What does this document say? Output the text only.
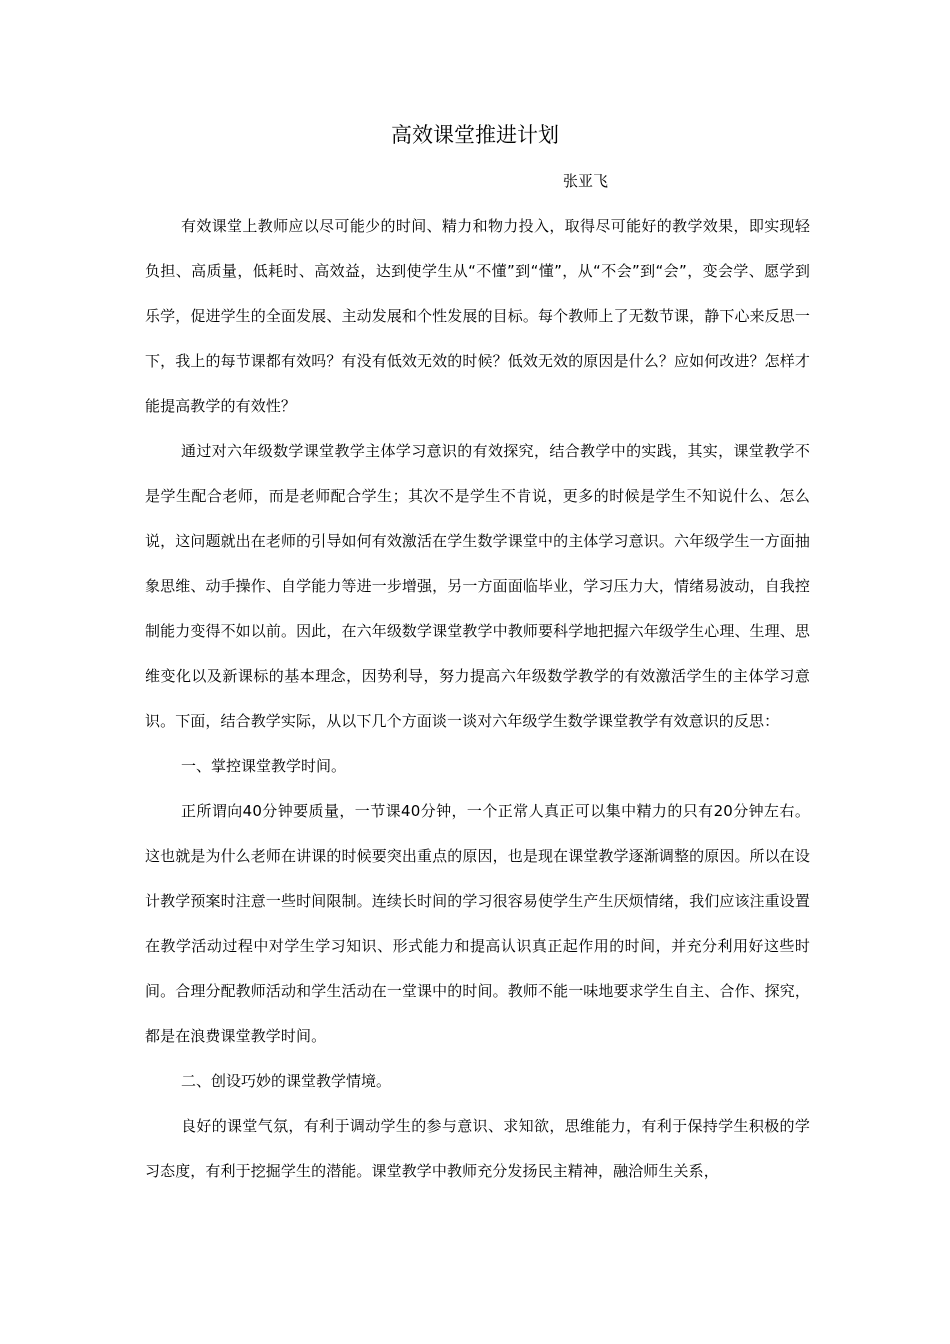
高效课堂推进计划

张亚飞

有效课堂上教师应以尽可能少的时间、精力和物力投入，取得尽可能好的教学效果，即实现轻负担、高质量，低耗时、高效益，达到使学生从“不懂”到“懂”，从“不会”到“会”，变会学、愿学到乐学，促进学生的全面发展、主动发展和个性发展的目标。每个教师上了无数节课，静下心来反思一下，我上的每节课都有效吗？有没有低效无效的时候？低效无效的原因是什么？应如何改进？怎样才能提高教学的有效性？

通过对六年级数学课堂教学主体学习意识的有效探究，结合教学中的实践，其实，课堂教学不是学生配合老师，而是老师配合学生；其次不是学生不肯说，更多的时候是学生不知说什么、怎么说，这问题就出在老师的引导如何有效激活在学生数学课堂中的主体学习意识。六年级学生一方面抽象思维、动手操作、自学能力等进一步增强，另一方面面临毕业，学习压力大，情绪易波动，自我控制能力变得不如以前。因此，在六年级数学课堂教学中教师要科学地把握六年级学生心理、生理、思维变化以及新课标的基本理念，因势利导，努力提高六年级数学教学的有效激活学生的主体学习意识。下面，结合教学实际，从以下几个方面谈一谈对六年级学生数学课堂教学有效意识的反思：

一、掌控课堂教学时间。

正所谓向40分钟要质量，一节课40分钟，一个正常人真正可以集中精力的只有20分钟左右。这也就是为什么老师在讲课的时候要突出重点的原因，也是现在课堂教学逐渐调整的原因。所以在设计教学预案时注意一些时间限制。连续长时间的学习很容易使学生产生厌烦情绪，我们应该注重设置在教学活动过程中对学生学习知识、形式能力和提高认识真正起作用的时间，并充分利用好这些时间。合理分配教师活动和学生活动在一堂课中的时间。教师不能一味地要求学生自主、合作、探究，都是在浪费课堂教学时间。

二、创设巧妙的课堂教学情境。

良好的课堂气氛，有利于调动学生的参与意识、求知欲，思维能力，有利于保持学生积极的学习态度，有利于挖掘学生的潜能。课堂教学中教师充分发扬民主精神，融洽师生关系，
